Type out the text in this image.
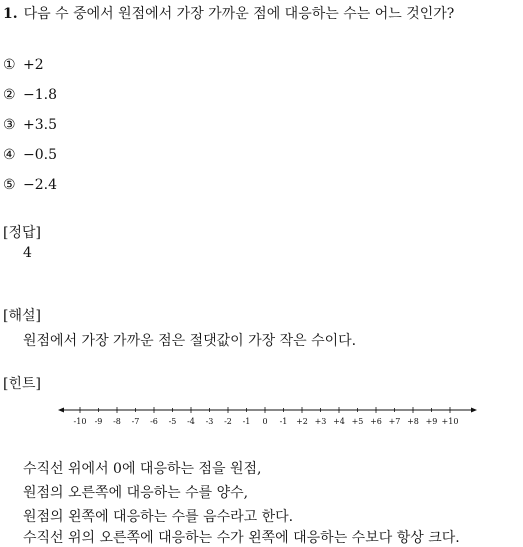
1. 다음 수 중에서 원점에서 가장 가까운 점에 대응하는 수는 어느 것인가?
① +2
② −1.8
③ +3.5
④ −0.5
⑤ −2.4
[정답]
4
[해설]
원점에서 가장 가까운 점은 절댓값이 가장 작은 수이다.
[힌트]
-10 -9 -8 -7 -6 -5 -4 -3 -2 -1 0 -1 +2 +3 +4 +5 +6 +7 +8 +9 +10
수직선 위에서 0에 대응하는 점을 원점,
원점의 오른쪽에 대응하는 수를 양수,
원점의 왼쪽에 대응하는 수를 음수라고 한다.
수직선 위의 오른쪽에 대응하는 수가 왼쪽에 대응하는 수보다 항상 크다.
